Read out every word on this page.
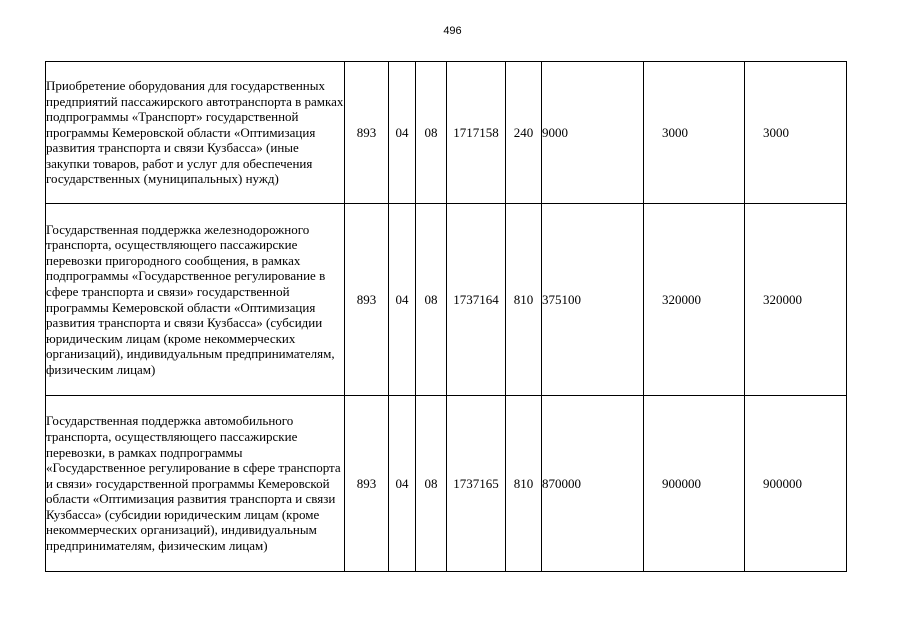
496
Приобретение оборудования для государственных предприятий пассажирского автотранспорта в рамках подпрограммы «Транспорт» государственной программы Кемеровской области «Оптимизация развития транспорта и связи Кузбасса» (иные закупки товаров, работ и услуг для обеспечения государственных (муниципальных) нужд)	893	04	08	1717158	240	9000	3000	3000
Государственная поддержка железнодорожного транспорта, осуществляющего пассажирские перевозки пригородного сообщения, в рамках подпрограммы «Государственное регулирование в сфере транспорта и связи» государственной программы Кемеровской области «Оптимизация развития транспорта и связи Кузбасса» (субсидии юридическим лицам (кроме некоммерческих организаций), индивидуальным предпринимателям, физическим лицам)	893	04	08	1737164	810	375100	320000	320000
Государственная поддержка автомобильного транспорта, осуществляющего пассажирские перевозки, в рамках подпрограммы «Государственное регулирование в сфере транспорта и связи» государственной программы Кемеровской области «Оптимизация развития транспорта и связи Кузбасса» (субсидии юридическим лицам (кроме некоммерческих организаций), индивидуальным предпринимателям, физическим лицам)	893	04	08	1737165	810	870000	900000	900000
